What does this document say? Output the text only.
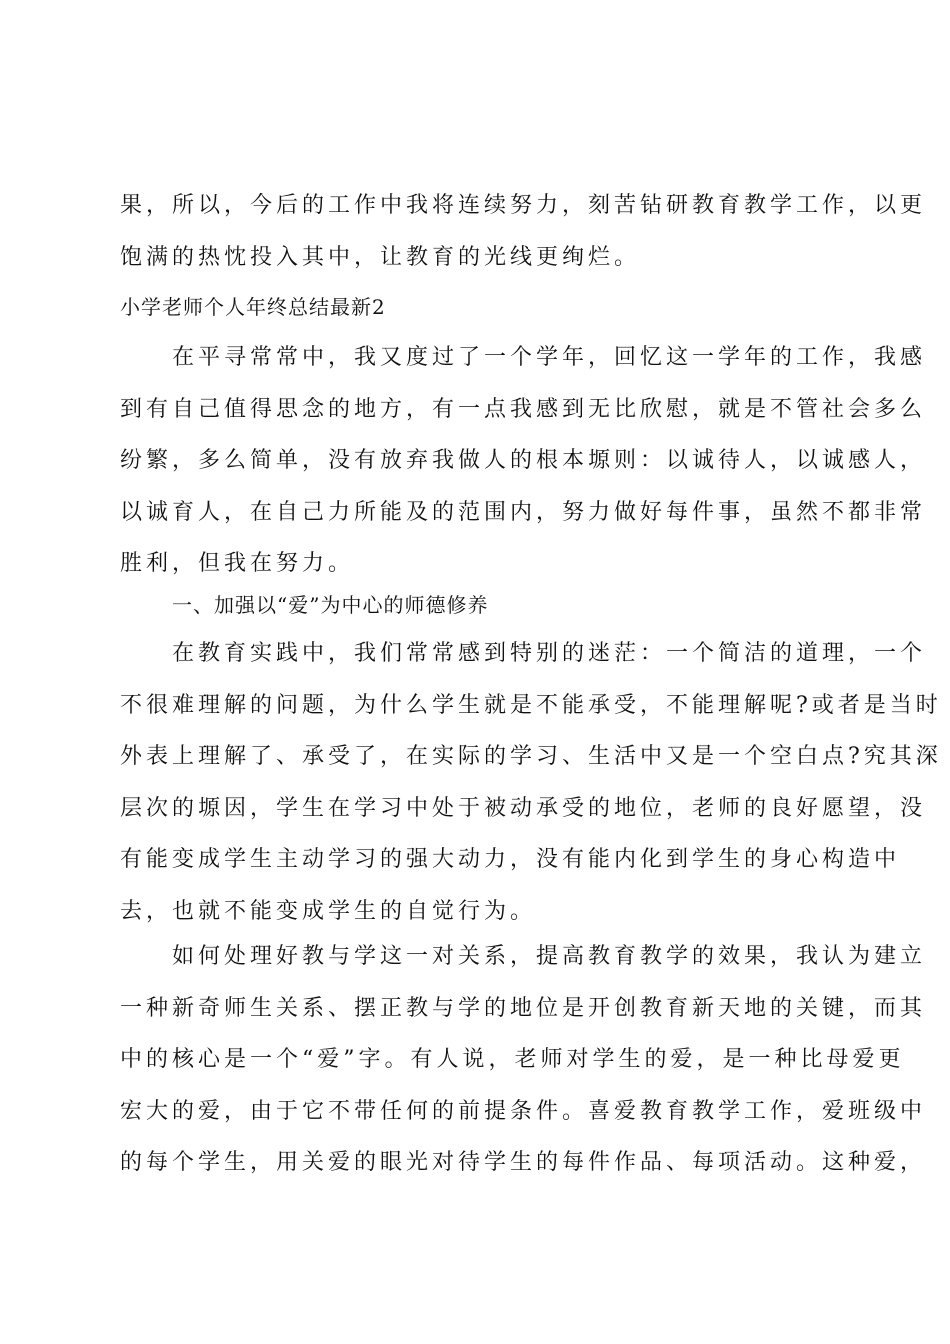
果，所以，今后的工作中我将连续努力，刻苦钻研教育教学工作，以更
饱满的热忱投入其中，让教育的光线更绚烂。
小学老师个人年终总结最新2
在平寻常常中，我又度过了一个学年，回忆这一学年的工作，我感
到有自己值得思念的地方，有一点我感到无比欣慰，就是不管社会多么
纷繁，多么简单，没有放弃我做人的根本塬则：以诚待人，以诚感人，
以诚育人，在自己力所能及的范围内，努力做好每件事，虽然不都非常
胜利，但我在努力。
一、加强以“爱”为中心的师德修养
在教育实践中，我们常常感到特别的迷茫：一个简洁的道理，一个
不很难理解的问题，为什么学生就是不能承受，不能理解呢?或者是当时
外表上理解了、承受了，在实际的学习、生活中又是一个空白点?究其深
层次的塬因，学生在学习中处于被动承受的地位，老师的良好愿望，没
有能变成学生主动学习的强大动力，没有能内化到学生的身心构造中
去，也就不能变成学生的自觉行为。
如何处理好教与学这一对关系，提高教育教学的效果，我认为建立
一种新奇师生关系、摆正教与学的地位是开创教育新天地的关键，而其
中的核心是一个“爱”字。有人说，老师对学生的爱，是一种比母爱更
宏大的爱，由于它不带任何的前提条件。喜爱教育教学工作，爱班级中
的每个学生，用关爱的眼光对待学生的每件作品、每项活动。这种爱，
